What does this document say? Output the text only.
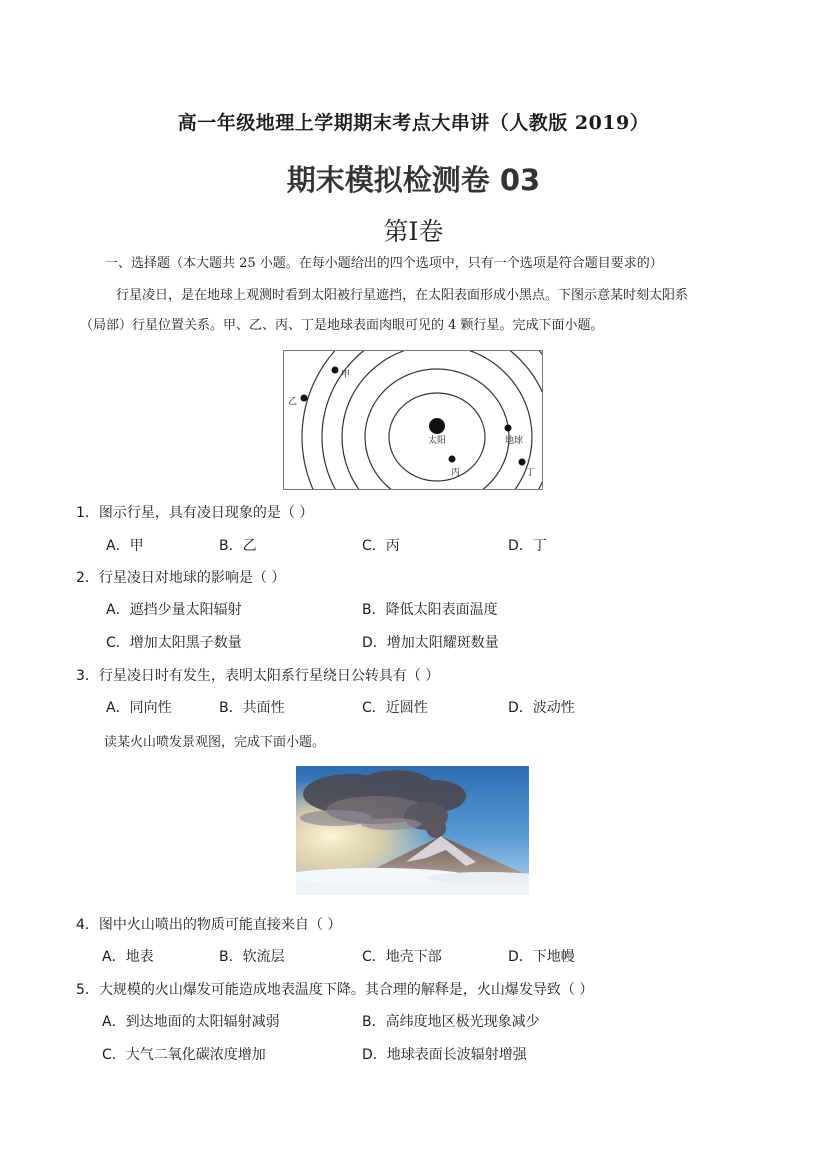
高一年级地理上学期期末考点大串讲（人教版 2019）
期末模拟检测卷 03
第I卷
一、选择题（本大题共 25 小题。在每小题给出的四个选项中，只有一个选项是符合题目要求的）
行星凌日，是在地球上观测时看到太阳被行星遮挡，在太阳表面形成小黑点。下图示意某时刻太阳系
（局部）行星位置关系。甲、乙、丙、丁是地球表面肉眼可见的 4 颗行星。完成下面小题。
太阳
甲
乙
地球
丙	丁
1．图示行星，具有凌日现象的是（ ）
A．甲	B．乙	C．丙	D．丁
2．行星凌日对地球的影响是（ ）
A．遮挡少量太阳辐射	B．降低太阳表面温度
C．增加太阳黑子数量	D．增加太阳耀斑数量
3．行星凌日时有发生，表明太阳系行星绕日公转具有（ ）
A．同向性	B．共面性	C．近圆性	D．波动性
读某火山喷发景观图，完成下面小题。
4．图中火山喷出的物质可能直接来自（ ）
A．地表	B．软流层	C．地壳下部	D．下地幔
5．大规模的火山爆发可能造成地表温度下降。其合理的解释是，火山爆发导致（ ）
A．到达地面的太阳辐射减弱	B．高纬度地区极光现象减少
C．大气二氧化碳浓度增加	D．地球表面长波辐射增强
